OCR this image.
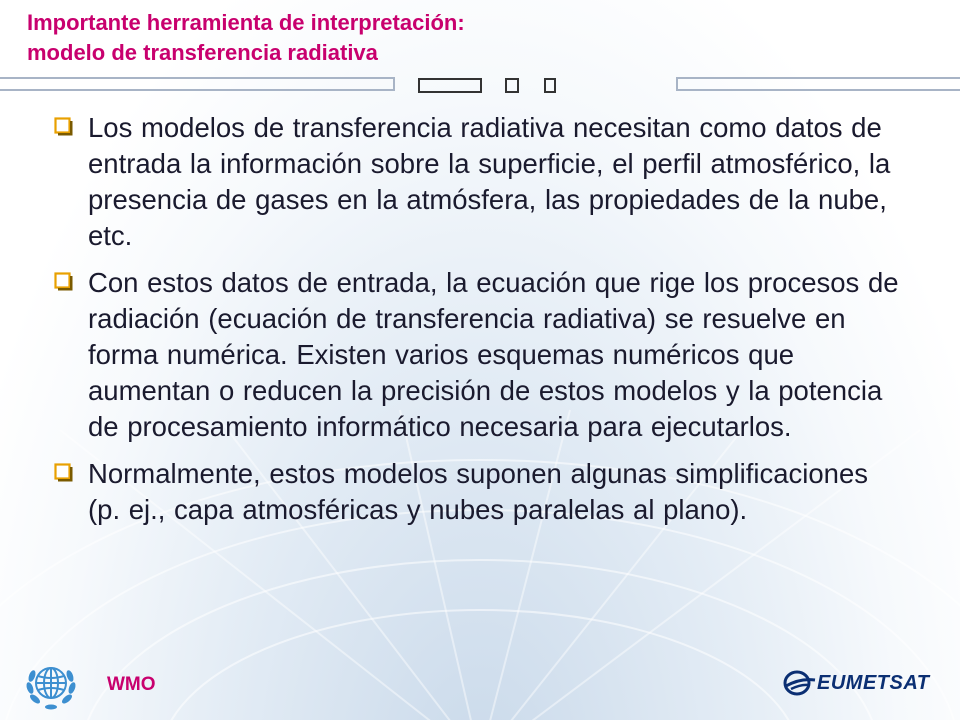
Importante herramienta de interpretación:
modelo de transferencia radiativa
Los modelos de transferencia radiativa necesitan como datos de entrada la información sobre la superficie, el perfil atmosférico, la presencia de gases en la atmósfera, las propiedades de la nube, etc.
Con estos datos de entrada, la ecuación que rige los procesos de radiación (ecuación de transferencia radiativa) se resuelve en forma numérica. Existen varios esquemas numéricos que aumentan o reducen la precisión de estos modelos y la potencia de procesamiento informático necesaria para ejecutarlos.
Normalmente, estos modelos suponen algunas simplificaciones (p. ej., capa atmosféricas y nubes paralelas al plano).
WMO	EUMETSAT
